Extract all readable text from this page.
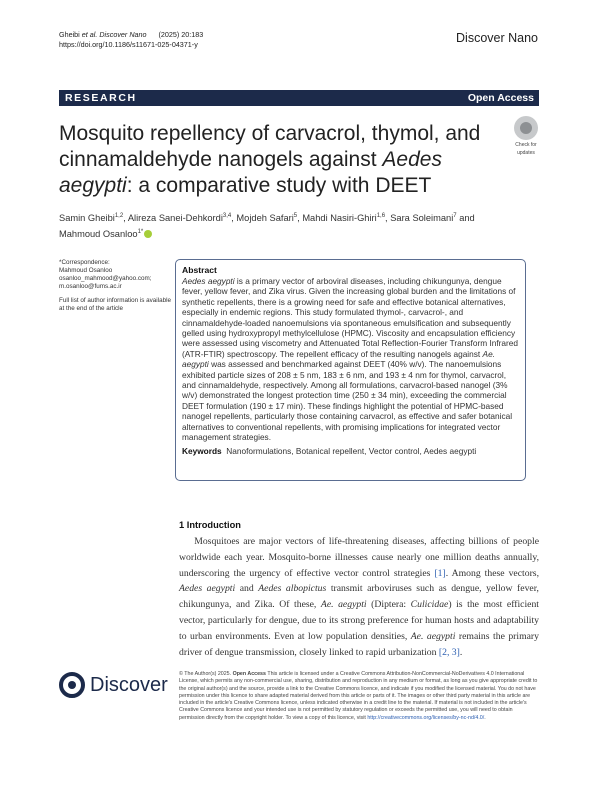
Gheibi et al. Discover Nano (2025) 20:183
https://doi.org/10.1186/s11671-025-04371-y	Discover Nano
RESEARCH	Open Access
Mosquito repellency of carvacrol, thymol, and cinnamaldehyde nanogels against Aedes aegypti: a comparative study with DEET
Check for
updates
Samin Gheibi$^{1,2}$, Alireza Sanei-Dehkordi$^{3,4}$, Mojdeh Safari$^5$, Mahdi Nasiri-Ghiri$^{1,6}$, Sara Soleimani$^7$ and
Mahmoud Osanloo$^{1*}$

*Correspondence:
Mahmoud Osanloo
osanloo_mahmood@yahoo.com;
m.osanloo@fums.ac.ir

Full list of author information is available at the end of the article

Abstract
Aedes aegypti is a primary vector of arboviral diseases, including chikungunya, dengue fever, yellow fever, and Zika virus. Given the increasing global burden and the limitations of synthetic repellents, there is a growing need for safe and effective botanical alternatives, especially in endemic regions. This study formulated thymol-, carvacrol-, and cinnamaldehyde-loaded nanoemulsions via spontaneous emulsification and subsequently gelled using hydroxypropyl methylcellulose (HPMC). Viscosity and encapsulation efficiency were assessed using viscometry and Attenuated Total Reflection-Fourier Transform Infrared (ATR-FTIR) spectroscopy. The repellent efficacy of the resulting nanogels against Ae. aegypti was assessed and benchmarked against DEET (40% w/v). The nanoemulsions exhibited particle sizes of 208 ± 5 nm, 183 ± 6 nm, and 193 ± 4 nm for thymol, carvacrol, and cinnamaldehyde, respectively. Among all formulations, carvacrol-based nanogel (3% w/v) demonstrated the longest protection time (250 ± 34 min), exceeding the commercial DEET formulation (190 ± 17 min). These findings highlight the potential of HPMC-based nanogel repellents, particularly those containing carvacrol, as effective and safer botanical alternatives to conventional repellents, with promising implications for integrated vector management strategies.
Keywords Nanoformulations, Botanical repellent, Vector control, Aedes aegypti
1 Introduction
Mosquitoes are major vectors of life-threatening diseases, affecting billions of people worldwide each year. Mosquito-borne illnesses cause nearly one million deaths annually, underscoring the urgency of effective vector control strategies [1]. Among these vectors, Aedes aegypti and Aedes albopictus transmit arboviruses such as dengue, yellow fever, chikungunya, and Zika. Of these, Ae. aegypti (Diptera: Culicidae) is the most efficient vector, particularly for dengue, due to its strong preference for human hosts and adaptability to urban environments. Even at low population densities, Ae. aegypti remains the primary driver of dengue transmission, closely linked to rapid urbanization [2, 3].
Discover © The Author(s) 2025. Open Access This article is licensed under a Creative Commons Attribution-NonCommercial-NoDerivatives 4.0 International License, which permits any non-commercial use, sharing, distribution and reproduction in any medium or format, as long as you give appropriate credit to the original author(s) and the source, provide a link to the Creative Commons licence, and indicate if you modified the licensed material. You do not have permission under this licence to share adapted material derived from this article or parts of it. The images or other third party material in this article are included in the article's Creative Commons licence, unless indicated otherwise in a credit line to the material. If material is not included in the article's Creative Commons licence and your intended use is not permitted by statutory regulation or exceeds the permitted use, you will need to obtain permission directly from the copyright holder. To view a copy of this licence, visit http://creativecommons.org/licenses/by-nc-nd/4.0/.
